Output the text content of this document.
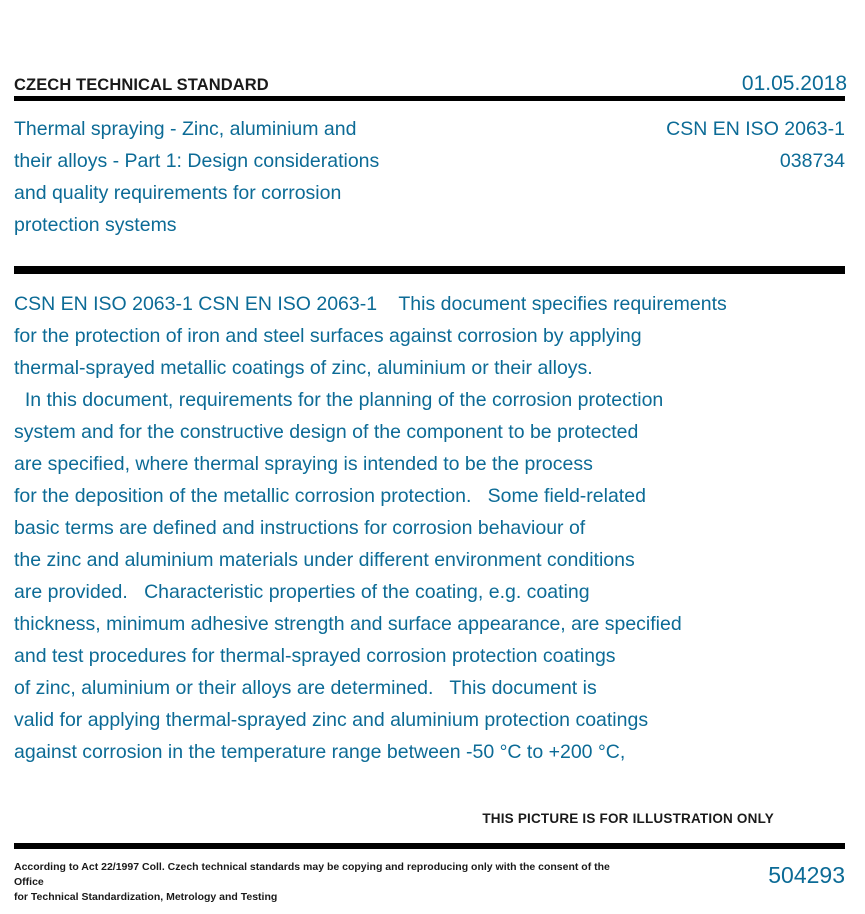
CZECH TECHNICAL STANDARD	01.05.2018
Thermal spraying - Zinc, aluminium and
their alloys - Part 1: Design considerations
and quality requirements for corrosion
protection systems
CSN EN ISO 2063-1
038734
CSN EN ISO 2063-1 CSN EN ISO 2063-1    This document specifies requirements
for the protection of iron and steel surfaces against corrosion by applying
thermal-sprayed metallic coatings of zinc, aluminium or their alloys.
In this document, requirements for the planning of the corrosion protection
system and for the constructive design of the component to be protected
are specified, where thermal spraying is intended to be the process
for the deposition of the metallic corrosion protection.   Some field-related
basic terms are defined and instructions for corrosion behaviour of
the zinc and aluminium materials under different environment conditions
are provided.   Characteristic properties of the coating, e.g. coating
thickness, minimum adhesive strength and surface appearance, are specified
and test procedures for thermal-sprayed corrosion protection coatings
of zinc, aluminium or their alloys are determined.   This document is
valid for applying thermal-sprayed zinc and aluminium protection coatings
against corrosion in the temperature range between -50 °C to +200 °C,
THIS PICTURE IS FOR ILLUSTRATION ONLY
According to Act 22/1997 Coll. Czech technical standards may be copying and reproducing only with the consent of the Office
for Technical Standardization, Metrology and Testing
504293
